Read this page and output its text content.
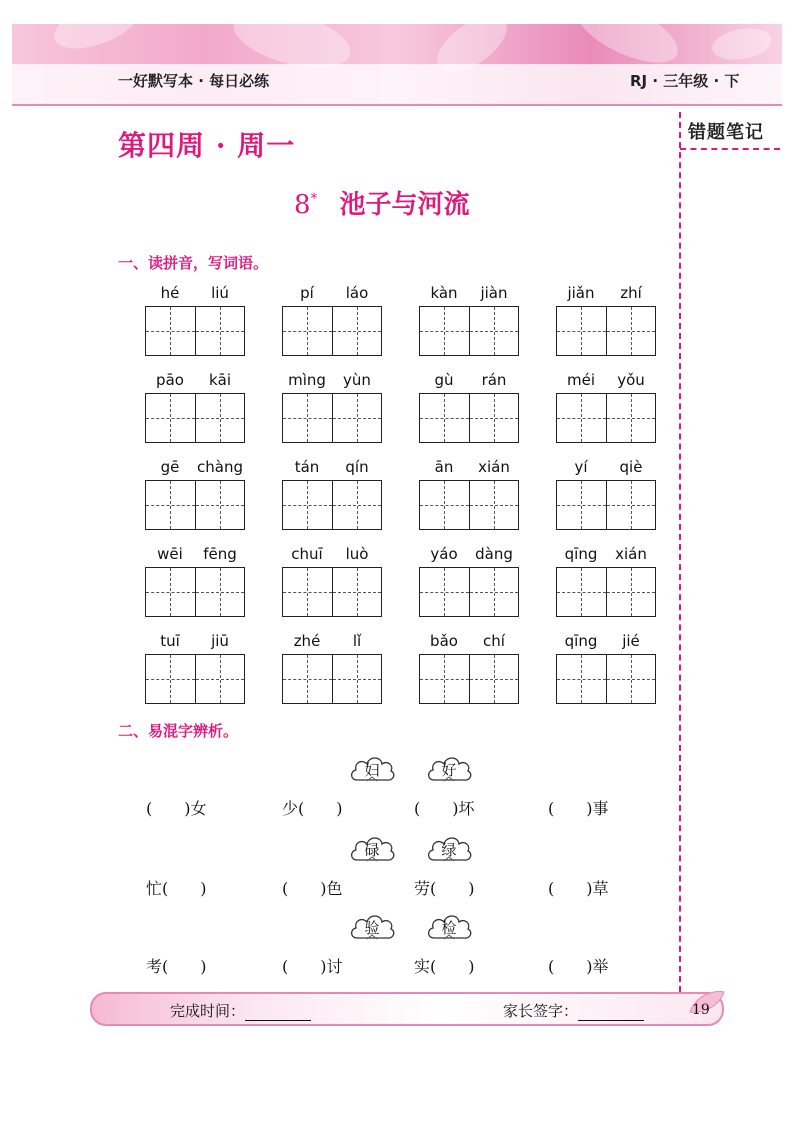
一好默写本 · 每日必练	RJ · 三年级 · 下
错题笔记
第四周 · 周一
8* 池子与河流
一、读拼音，写词语。
hé	liú	pí	láo	kàn	jiàn	jiǎn	zhí
pāo	kāi	mìng	yùn	gù	rán	méi	yǒu
gē	chàng	tán	qín	ān	xián	yí	qiè
wēi	fēng	chuī	luò	yáo	dàng	qīng	xián
tuī	jiū	zhé	lǐ	bǎo	chí	qīng	jié
二、易混字辨析。
妇	好
(　　)女	少(　　)	(　　)坏	(　　)事
碌	绿
忙(　　)	(　　)色	劳(　　)	(　　)草
验	检
考(　　)	(　　)讨	实(　　)	(　　)举
完成时间：	家长签字：	19
